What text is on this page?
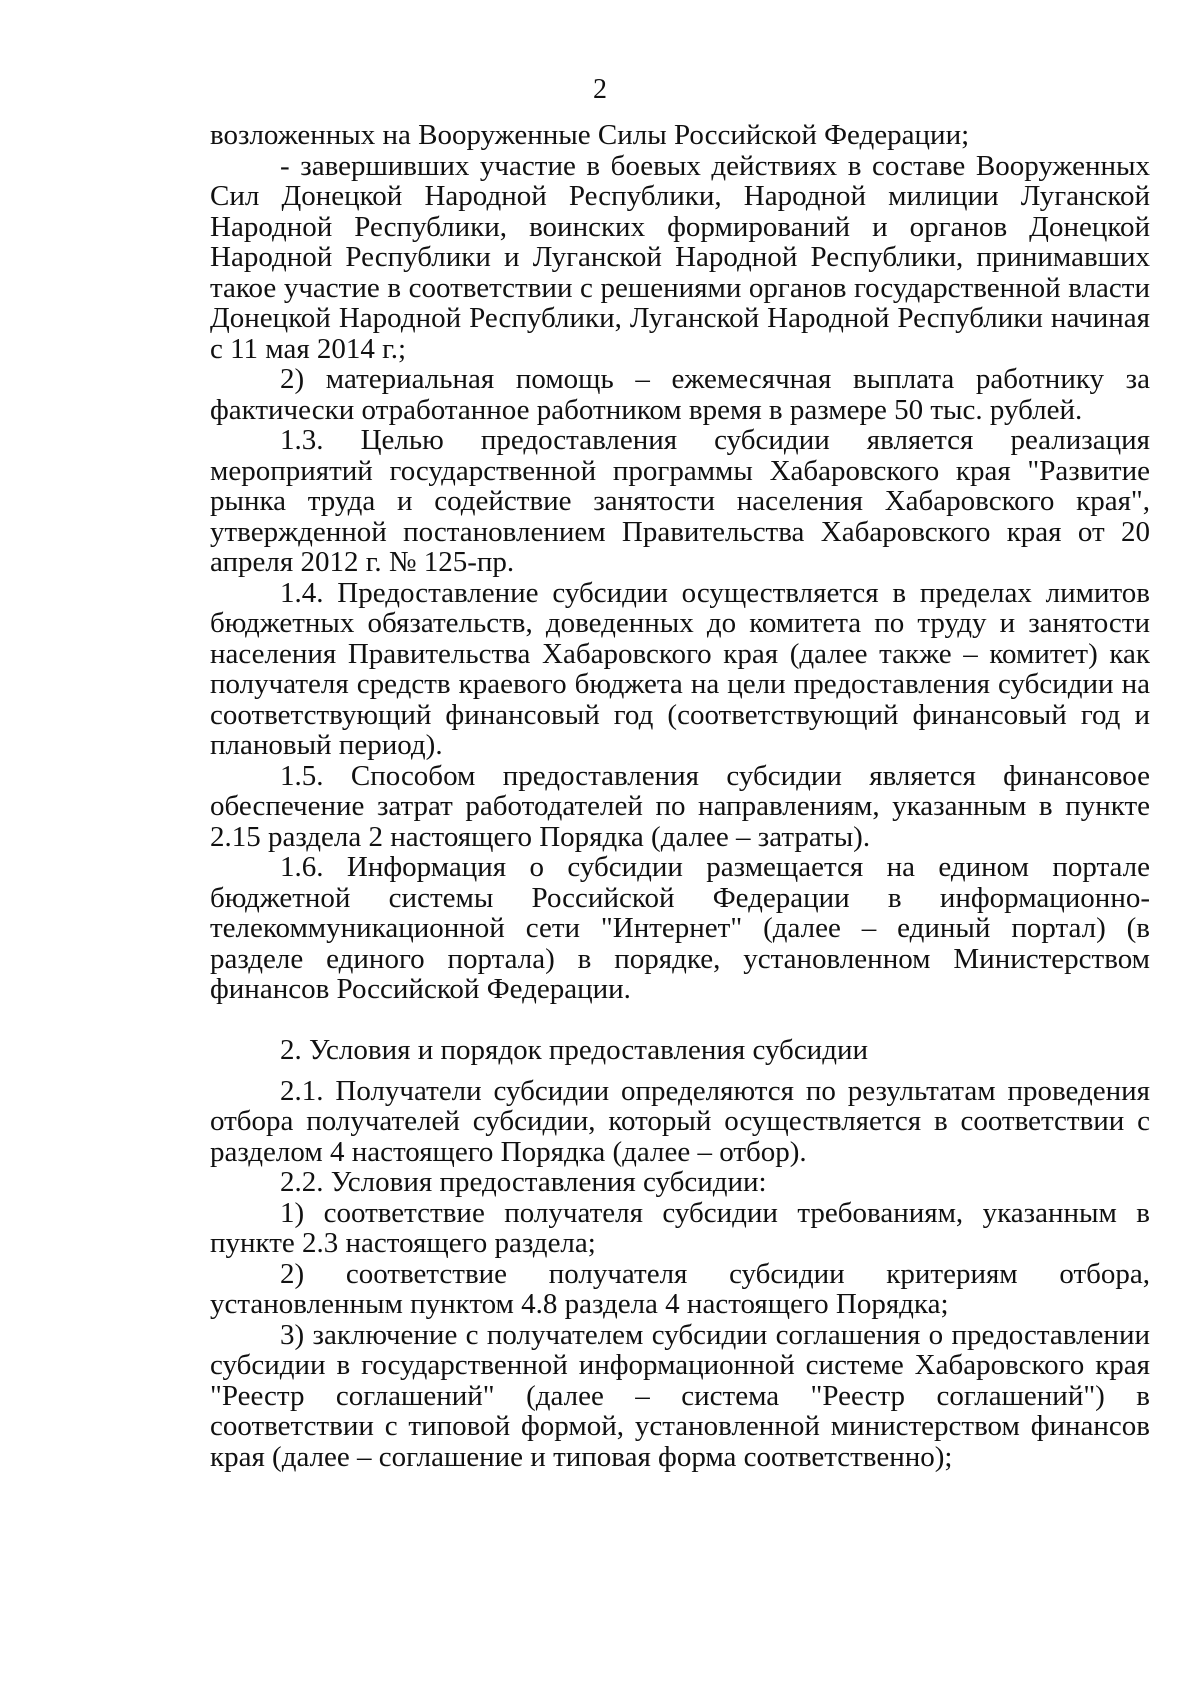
2

возложенных на Вооруженные Силы Российской Федерации;

- завершивших участие в боевых действиях в составе Вооруженных Сил Донецкой Народной Республики, Народной милиции Луганской Народной Республики, воинских формирований и органов Донецкой Народной Республики и Луганской Народной Республики, принимавших такое участие в соответствии с решениями органов государственной власти Донецкой Народной Республики, Луганской Народной Республики начиная с 11 мая 2014 г.;

2) материальная помощь – ежемесячная выплата работнику за фактически отработанное работником время в размере 50 тыс. рублей.

1.3. Целью предоставления субсидии является реализация мероприятий государственной программы Хабаровского края "Развитие рынка труда и содействие занятости населения Хабаровского края", утвержденной постановлением Правительства Хабаровского края от 20 апреля 2012 г. № 125-пр.

1.4. Предоставление субсидии осуществляется в пределах лимитов бюджетных обязательств, доведенных до комитета по труду и занятости населения Правительства Хабаровского края (далее также – комитет) как получателя средств краевого бюджета на цели предоставления субсидии на соответствующий финансовый год (соответствующий финансовый год и плановый период).

1.5. Способом предоставления субсидии является финансовое обеспечение затрат работодателей по направлениям, указанным в пункте 2.15 раздела 2 настоящего Порядка (далее – затраты).

1.6. Информация о субсидии размещается на едином портале бюджетной системы Российской Федерации в информационно-телекоммуникационной сети "Интернет" (далее – единый портал) (в разделе единого портала) в порядке, установленном Министерством финансов Российской Федерации.

2. Условия и порядок предоставления субсидии

2.1. Получатели субсидии определяются по результатам проведения отбора получателей субсидии, который осуществляется в соответствии с разделом 4 настоящего Порядка (далее – отбор).

2.2. Условия предоставления субсидии:

1) соответствие получателя субсидии требованиям, указанным в пункте 2.3 настоящего раздела;

2) соответствие получателя субсидии критериям отбора, установленным пунктом 4.8 раздела 4 настоящего Порядка;

3) заключение с получателем субсидии соглашения о предоставлении субсидии в государственной информационной системе Хабаровского края "Реестр соглашений" (далее – система "Реестр соглашений") в соответствии с типовой формой, установленной министерством финансов края (далее – соглашение и типовая форма соответственно);
